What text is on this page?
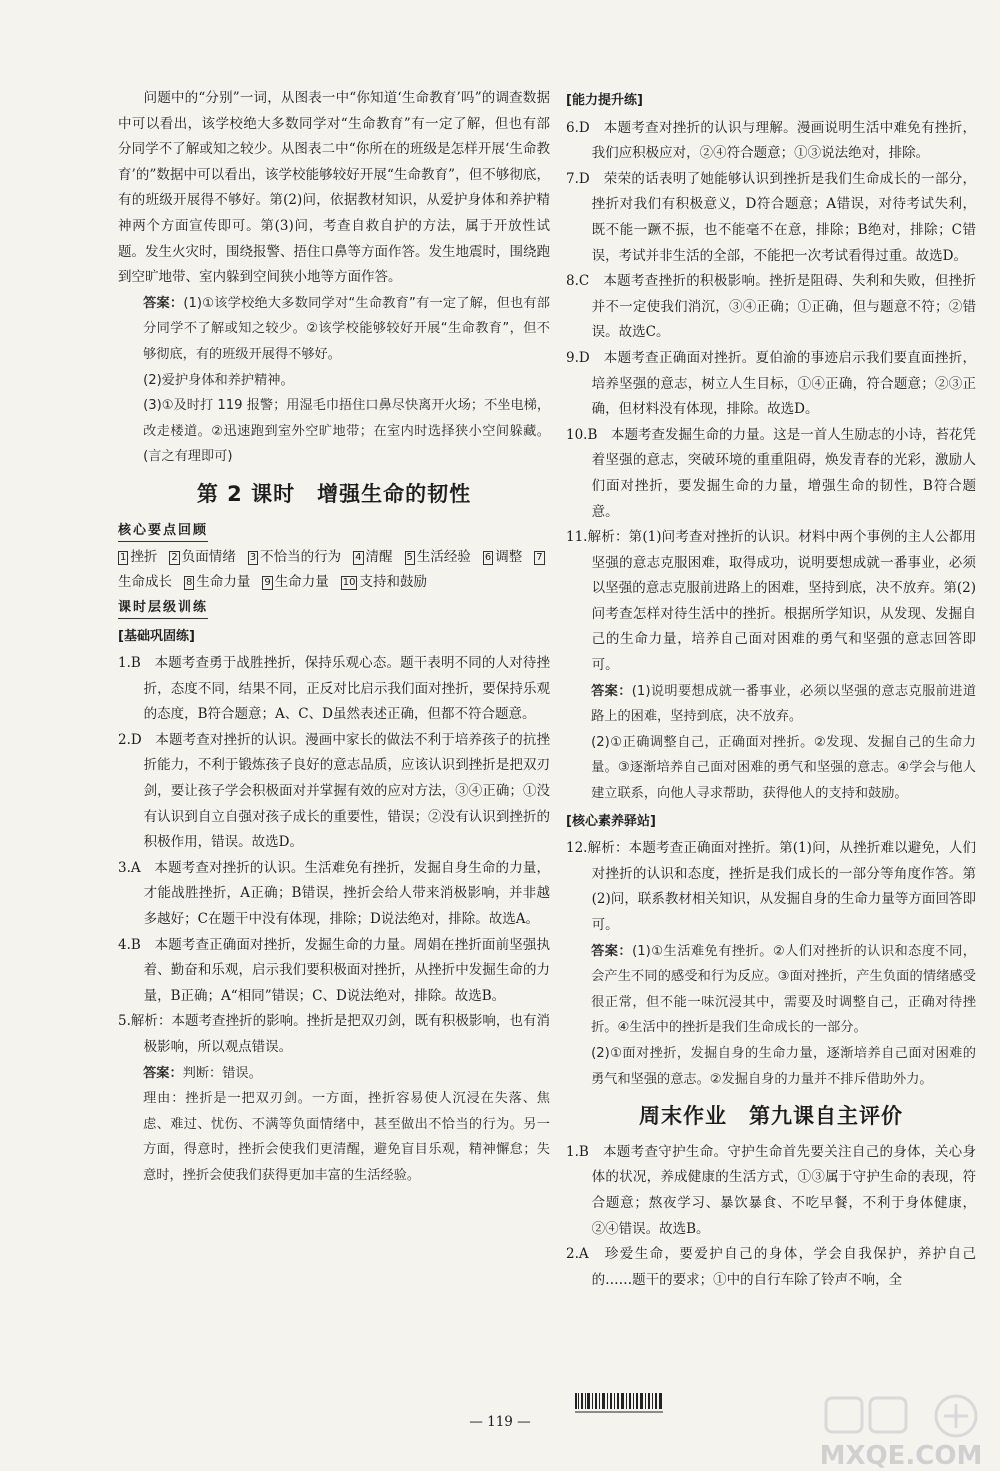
问题中的“分别”一词，从图表一中“你知道‘生命教育’吗”的调查数据中可以看出，该学校绝大多数同学对“生命教育”有一定了解，但也有部分同学不了解或知之较少。从图表二中“你所在的班级是怎样开展‘生命教育’的”数据中可以看出，该学校能够较好开展“生命教育”，但不够彻底，有的班级开展得不够好。第(2)问，依据教材知识，从爱护身体和养护精神两个方面宣传即可。第(3)问，考查自救自护的方法，属于开放性试题。发生火灾时，围绕报警、捂住口鼻等方面作答。发生地震时，围绕跑到空旷地带、室内躲到空间狭小地等方面作答。

答案：(1)①该学校绝大多数同学对“生命教育”有一定了解，但也有部分同学不了解或知之较少。②该学校能够较好开展“生命教育”，但不够彻底，有的班级开展得不够好。

(2)爱护身体和养护精神。

(3)①及时打 119 报警；用湿毛巾捂住口鼻尽快离开火场；不坐电梯，改走楼道。②迅速跑到室外空旷地带；在室内时选择狭小空间躲藏。(言之有理即可)

第 2 课时 增强生命的韧性
核心要点回顾
1 挫折 2 负面情绪 3 不恰当的行为 4 清醒 5 生活经验 6 调整 7生命成长 8 生命力量 9 生命力量 10 支持和鼓励
课时层级训练
[基础巩固练]

1.B　本题考查勇于战胜挫折，保持乐观心态。题干表明不同的人对待挫折，态度不同，结果不同，正反对比启示我们面对挫折，要保持乐观的态度，B符合题意；A、C、D虽然表述正确，但都不符合题意。

2.D　本题考查对挫折的认识。漫画中家长的做法不利于培养孩子的抗挫折能力，不利于锻炼孩子良好的意志品质，应该认识到挫折是把双刃剑，要让孩子学会积极面对并掌握有效的应对方法，③④正确；①没有认识到自立自强对孩子成长的重要性，错误；②没有认识到挫折的积极作用，错误。故选D。

3.A　本题考查对挫折的认识。生活难免有挫折，发掘自身生命的力量，才能战胜挫折，A正确；B错误，挫折会给人带来消极影响，并非越多越好；C在题干中没有体现，排除；D说法绝对，排除。故选A。

4.B　本题考查正确面对挫折，发掘生命的力量。周娟在挫折面前坚强执着、勤奋和乐观，启示我们要积极面对挫折，从挫折中发掘生命的力量，B正确；A“相同”错误；C、D说法绝对，排除。故选B。

5.解析：本题考查挫折的影响。挫折是把双刃剑，既有积极影响，也有消极影响，所以观点错误。

答案：判断：错误。

理由：挫折是一把双刃剑。一方面，挫折容易使人沉浸在失落、焦虑、难过、忧伤、不满等负面情绪中，甚至做出不恰当的行为。另一方面，得意时，挫折会使我们更清醒，避免盲目乐观，精神懈怠；失意时，挫折会使我们获得更加丰富的生活经验。

[能力提升练]

6.D　本题考查对挫折的认识与理解。漫画说明生活中难免有挫折，我们应积极应对，②④符合题意；①③说法绝对，排除。

7.D　荣荣的话表明了她能够认识到挫折是我们生命成长的一部分，挫折对我们有积极意义，D符合题意；A错误，对待考试失利，既不能一蹶不振，也不能毫不在意，排除；B绝对，排除；C错误，考试并非生活的全部，不能把一次考试看得过重。故选D。

8.C　本题考查挫折的积极影响。挫折是阻碍、失利和失败，但挫折并不一定使我们消沉，③④正确；①正确，但与题意不符；②错误。故选C。

9.D　本题考查正确面对挫折。夏伯渝的事迹启示我们要直面挫折，培养坚强的意志，树立人生目标，①④正确，符合题意；②③正确，但材料没有体现，排除。故选D。

10.B　本题考查发掘生命的力量。这是一首人生励志的小诗，苔花凭着坚强的意志，突破环境的重重阻碍，焕发青春的光彩，激励人们面对挫折，要发掘生命的力量，增强生命的韧性，B符合题意。

11.解析：第(1)问考查对挫折的认识。材料中两个事例的主人公都用坚强的意志克服困难，取得成功，说明要想成就一番事业，必须以坚强的意志克服前进路上的困难，坚持到底，决不放弃。第(2)问考查怎样对待生活中的挫折。根据所学知识，从发现、发掘自己的生命力量，培养自己面对困难的勇气和坚强的意志回答即可。

答案：(1)说明要想成就一番事业，必须以坚强的意志克服前进道路上的困难，坚持到底，决不放弃。

(2)①正确调整自己，正确面对挫折。②发现、发掘自己的生命力量。③逐渐培养自己面对困难的勇气和坚强的意志。④学会与他人建立联系，向他人寻求帮助，获得他人的支持和鼓励。

[核心素养驿站]

12.解析：本题考查正确面对挫折。第(1)问，从挫折难以避免，人们对挫折的认识和态度，挫折是我们成长的一部分等角度作答。第(2)问，联系教材相关知识，从发掘自身的生命力量等方面回答即可。

答案：(1)①生活难免有挫折。②人们对挫折的认识和态度不同，会产生不同的感受和行为反应。③面对挫折，产生负面的情绪感受很正常，但不能一味沉浸其中，需要及时调整自己，正确对待挫折。④生活中的挫折是我们生命成长的一部分。

(2)①面对挫折，发掘自身的生命力量，逐渐培养自己面对困难的勇气和坚强的意志。②发掘自身的力量并不排斥借助外力。

周末作业 第九课自主评价

1.B　本题考查守护生命。守护生命首先要关注自己的身体，关心身体的状况，养成健康的生活方式，①③属于守护生命的表现，符合题意；熬夜学习、暴饮暴食、不吃早餐，不利于身体健康，②④错误。故选B。

2.A　珍爱生命，要爱护自己的身体，学会自我保护，养护自己的……题干的要求；①中的自行车除了铃声不响，全

— 119 —
MXQE.COM
